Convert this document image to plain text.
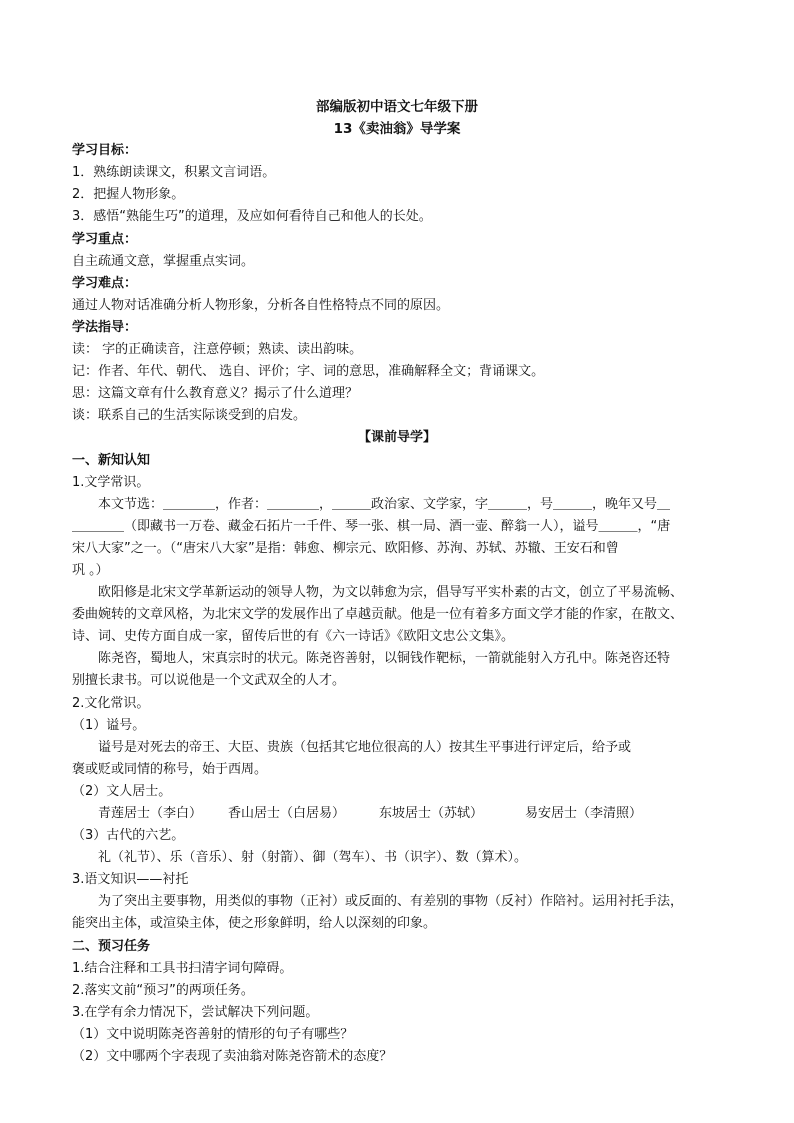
部编版初中语文七年级下册
13《卖油翁》导学案
学习目标：
1．熟练朗读课文，积累文言词语。
2．把握人物形象。
3．感悟“熟能生巧”的道理，及应如何看待自己和他人的长处。
学习重点：
自主疏通文意，掌握重点实词。
学习难点：
通过人物对话准确分析人物形象，分析各自性格特点不同的原因。
学法指导：
读： 字的正确读音，注意停顿；熟读、读出韵味。
记：作者、年代、朝代、 选自、评价；字、词的意思，准确解释全文；背诵课文。
思：这篇文章有什么教育意义？揭示了什么道理？
谈：联系自己的生活实际谈受到的启发。
【课前导学】
一、新知认知
1.文学常识。
本文节选：＿＿＿＿，作者：＿＿＿＿，＿＿＿政治家、文学家，字＿＿＿，号＿＿＿，晚年又号＿
＿＿＿＿（即藏书一万卷、藏金石拓片一千件、琴一张、棋一局、酒一壶、醉翁一人），谥号＿＿＿，“唐
宋八大家”之一。（“唐宋八大家”是指：韩愈、柳宗元、欧阳修、苏洵、苏轼、苏辙、王安石和曾
巩 。）
欧阳修是北宋文学革新运动的领导人物，为文以韩愈为宗，倡导写平实朴素的古文，创立了平易流畅、
委曲婉转的文章风格，为北宋文学的发展作出了卓越贡献。他是一位有着多方面文学才能的作家，在散文、
诗、词、史传方面自成一家，留传后世的有《六一诗话》《欧阳文忠公文集》。
陈尧咨，蜀地人，宋真宗时的状元。陈尧咨善射，以铜钱作靶标，一箭就能射入方孔中。陈尧咨还特
别擅长隶书。可以说他是一个文武双全的人才。
2.文化常识。
（1）谥号。
谥号是对死去的帝王、大臣、贵族（包括其它地位很高的人）按其生平事进行评定后，给予或
褒或贬或同情的称号，始于西周。
（2）文人居士。
青莲居士（李白） 香山居士（白居易）	东坡居士（苏轼）	易安居士（李清照）
（3）古代的六艺。
礼（礼节）、乐（音乐）、射（射箭）、御（驾车）、书（识字）、数（算术）。
3.语文知识——衬托
为了突出主要事物，用类似的事物（正衬）或反面的、有差别的事物（反衬）作陪衬。运用衬托手法，
能突出主体，或渲染主体，使之形象鲜明，给人以深刻的印象。
二、预习任务
1.结合注释和工具书扫清字词句障碍。
2.落实文前“预习”的两项任务。
3.在学有余力情况下，尝试解决下列问题。
（1）文中说明陈尧咨善射的情形的句子有哪些？
（2）文中哪两个字表现了卖油翁对陈尧咨箭术的态度？
